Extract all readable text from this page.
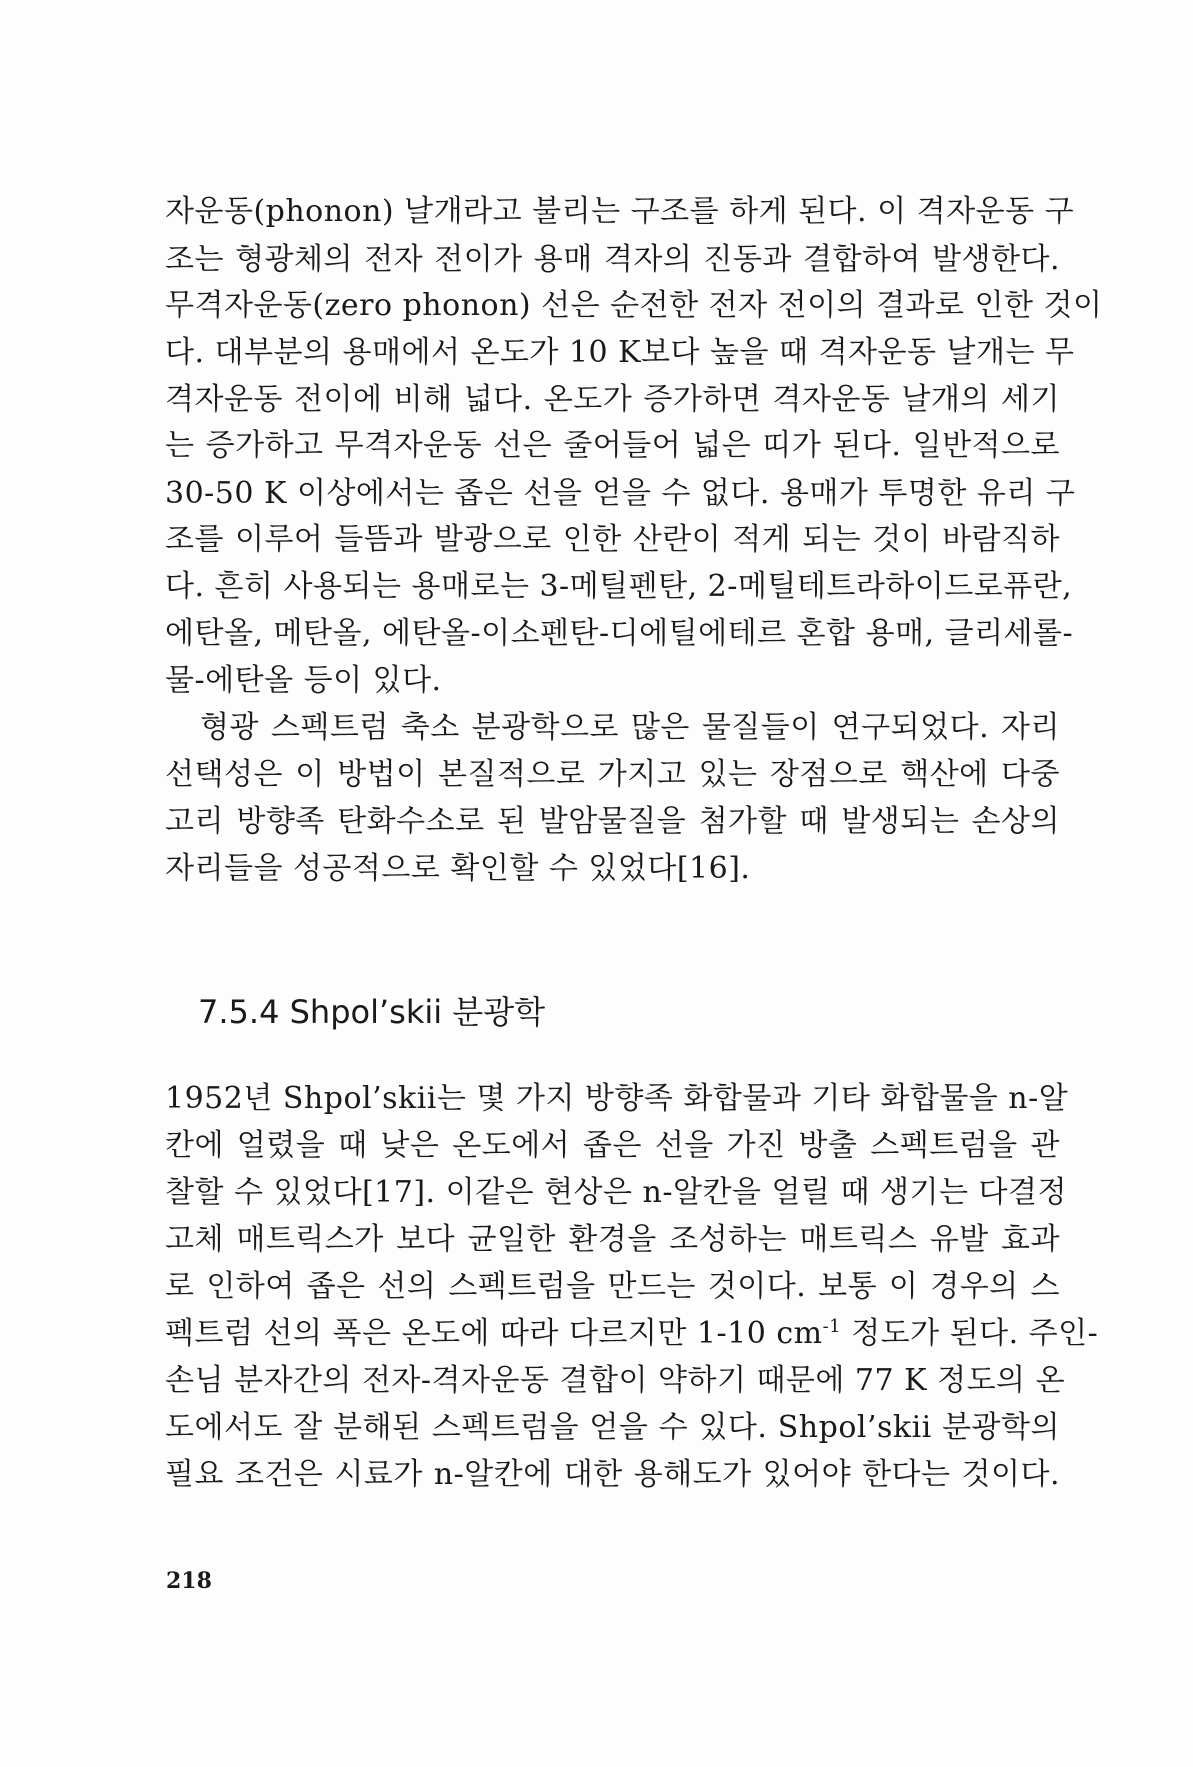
자운동(phonon) 날개라고 불리는 구조를 하게 된다. 이 격자운동 구
조는 형광체의 전자 전이가 용매 격자의 진동과 결합하여 발생한다.
무격자운동(zero phonon) 선은 순전한 전자 전이의 결과로 인한 것이
다. 대부분의 용매에서 온도가 10 K보다 높을 때 격자운동 날개는 무
격자운동 전이에 비해 넓다. 온도가 증가하면 격자운동 날개의 세기
는 증가하고 무격자운동 선은 줄어들어 넓은 띠가 된다. 일반적으로
30-50 K 이상에서는 좁은 선을 얻을 수 없다. 용매가 투명한 유리 구
조를 이루어 들뜸과 발광으로 인한 산란이 적게 되는 것이 바람직하
다. 흔히 사용되는 용매로는 3-메틸펜탄, 2-메틸테트라하이드로퓨란,
에탄올, 메탄올, 에탄올-이소펜탄-디에틸에테르 혼합 용매, 글리세롤-
물-에탄올 등이 있다.
형광 스펙트럼 축소 분광학으로 많은 물질들이 연구되었다. 자리
선택성은 이 방법이 본질적으로 가지고 있는 장점으로 핵산에 다중
고리 방향족 탄화수소로 된 발암물질을 첨가할 때 발생되는 손상의
자리들을 성공적으로 확인할 수 있었다[16].
7.5.4 Shpol’skii 분광학
1952년 Shpol’skii는 몇 가지 방향족 화합물과 기타 화합물을 n-알
칸에 얼렸을 때 낮은 온도에서 좁은 선을 가진 방출 스펙트럼을 관
찰할 수 있었다[17]. 이같은 현상은 n-알칸을 얼릴 때 생기는 다결정
고체 매트릭스가 보다 균일한 환경을 조성하는 매트릭스 유발 효과
로 인하여 좁은 선의 스펙트럼을 만드는 것이다. 보통 이 경우의 스
펙트럼 선의 폭은 온도에 따라 다르지만 1-10 $cm^{-1}$ 정도가 된다. 주인-
손님 분자간의 전자-격자운동 결합이 약하기 때문에 77 K 정도의 온
도에서도 잘 분해된 스펙트럼을 얻을 수 있다. Shpol’skii 분광학의
필요 조건은 시료가 n-알칸에 대한 용해도가 있어야 한다는 것이다.
218
